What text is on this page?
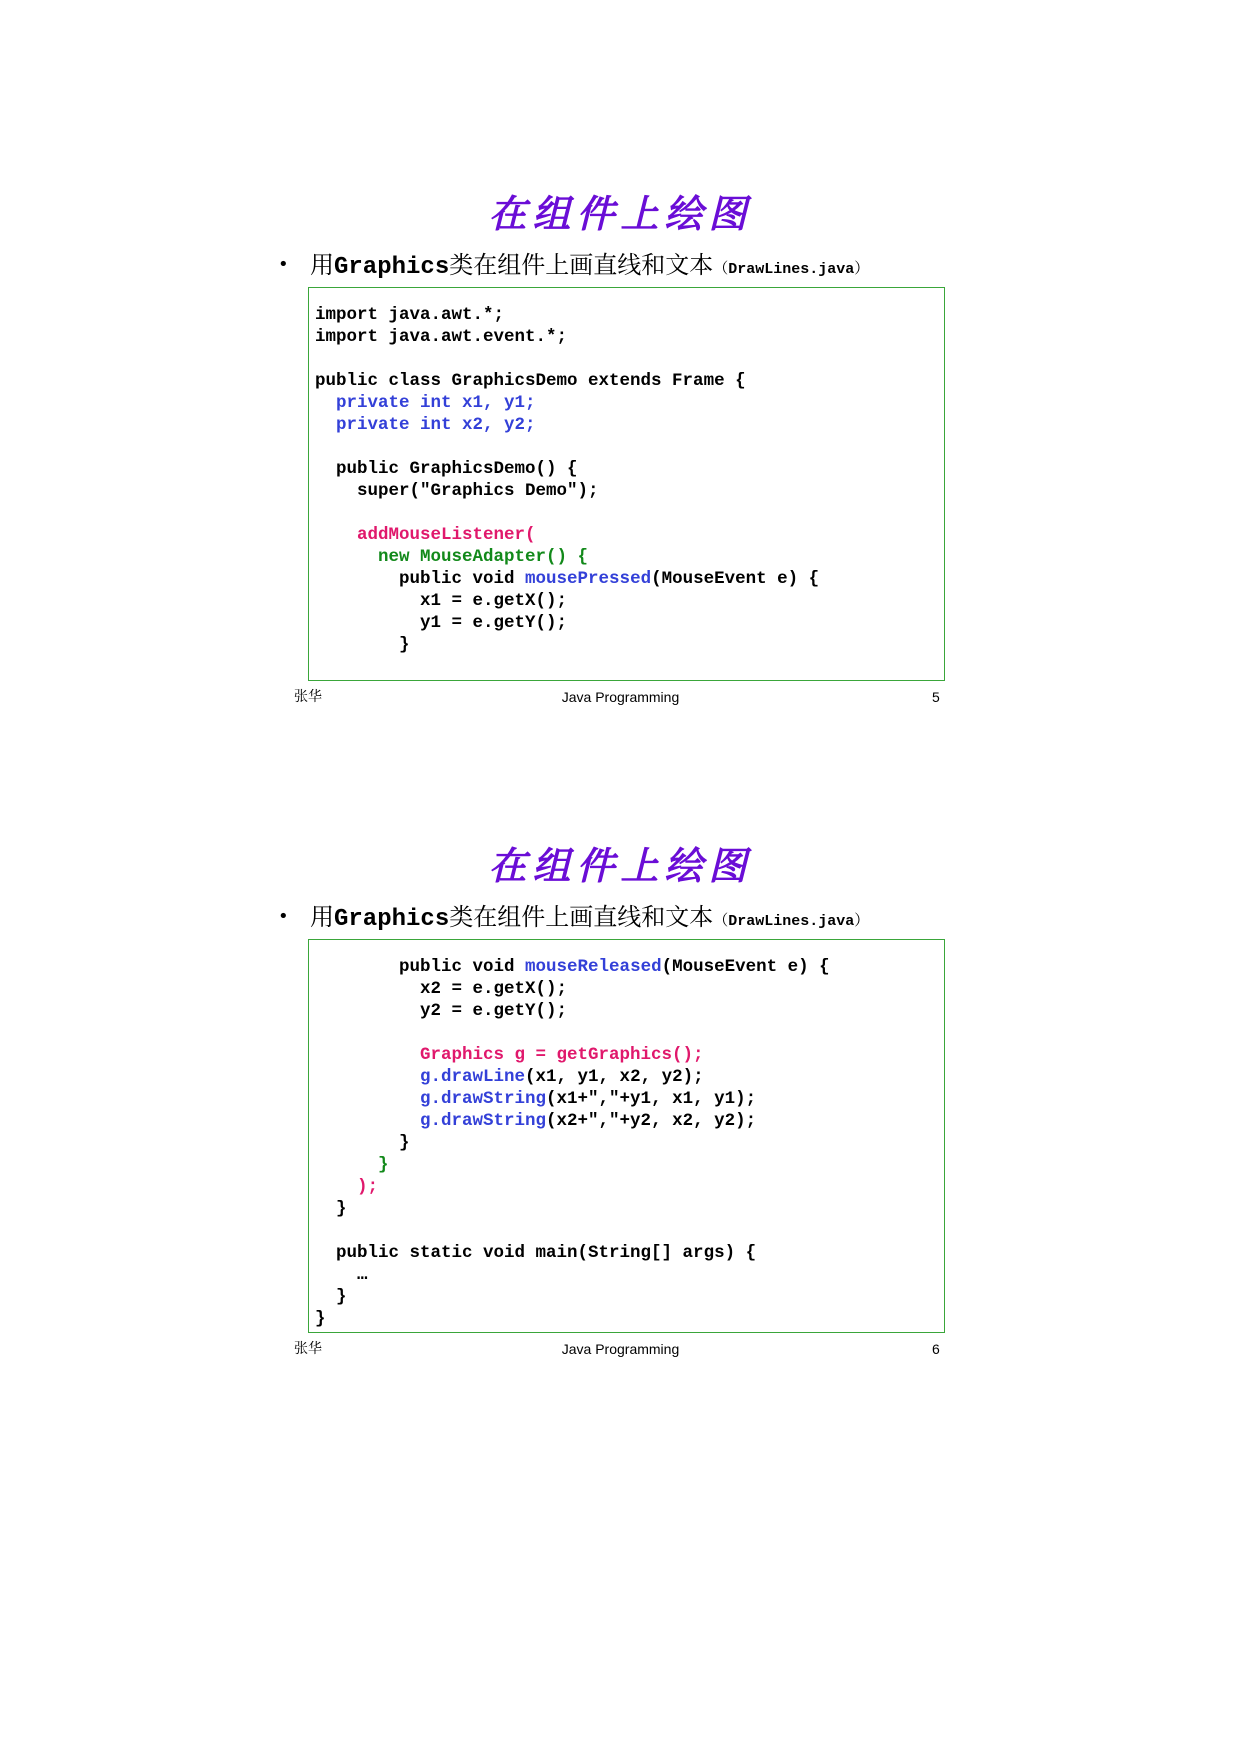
在组件上绘图
• 用Graphics类在组件上画直线和文本（DrawLines.java）
import java.awt.*;
import java.awt.event.*;
public class GraphicsDemo extends Frame {
private int x1, y1;
private int x2, y2;
public GraphicsDemo() {
super("Graphics Demo");
addMouseListener(
new MouseAdapter() {
public void mousePressed(MouseEvent e) {
x1 = e.getX();
y1 = e.getY();
}
张华	Java Programming	5
在组件上绘图
• 用Graphics类在组件上画直线和文本（DrawLines.java）
public void mouseReleased(MouseEvent e) {
x2 = e.getX();
y2 = e.getY();
Graphics g = getGraphics();
g.drawLine(x1, y1, x2, y2);
g.drawString(x1+","+y1, x1, y1);
g.drawString(x2+","+y2, x2, y2);
}
}
);
}
public static void main(String[] args) {
…
}
}
张华	Java Programming	6
